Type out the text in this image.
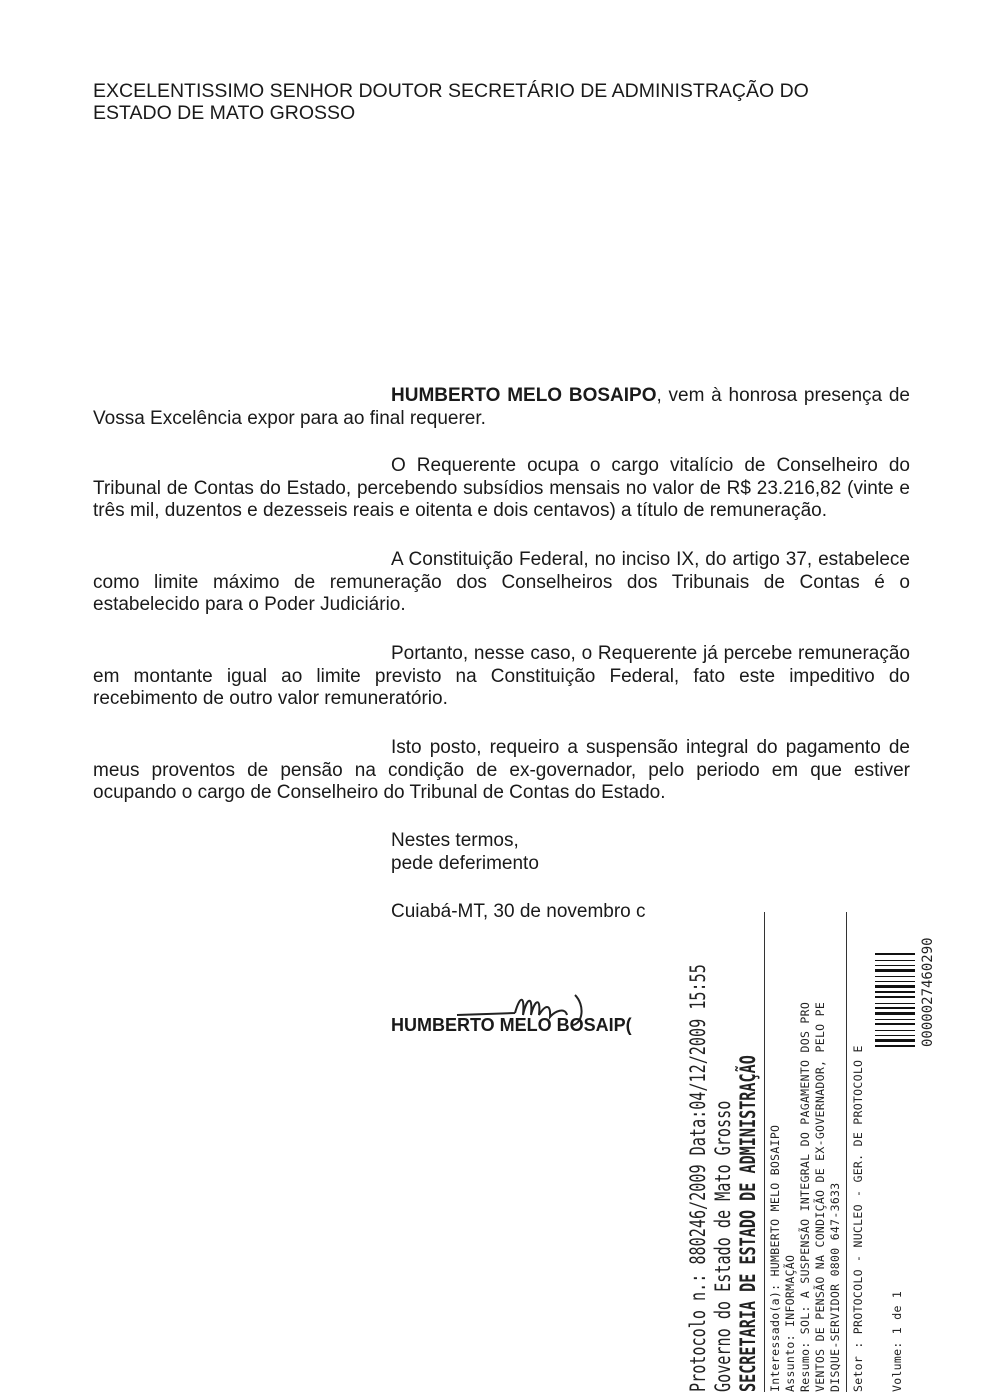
EXCELENTISSIMO SENHOR DOUTOR SECRETÁRIO DE ADMINISTRAÇÃO DO
ESTADO DE MATO GROSSO
HUMBERTO MELO BOSAIPO, vem à honrosa presença de Vossa Excelência expor para ao final requerer.
O Requerente ocupa o cargo vitalício de Conselheiro do Tribunal de Contas do Estado, percebendo subsídios mensais no valor de R$ 23.216,82 (vinte e três mil, duzentos e dezesseis reais e oitenta e dois centavos) a título de remuneração.
A Constituição Federal, no inciso IX, do artigo 37, estabelece como limite máximo de remuneração dos Conselheiros dos Tribunais de Contas é o estabelecido para o Poder Judiciário.
Portanto, nesse caso, o Requerente já percebe remuneração em montante igual ao limite previsto na Constituição Federal, fato este impeditivo do recebimento de outro valor remuneratório.
Isto posto, requeiro a suspensão integral do pagamento de meus proventos de pensão na condição de ex-governador, pelo periodo em que estiver ocupando o cargo de Conselheiro do Tribunal de Contas do Estado.
Nestes termos,
pede deferimento
Cuiabá-MT, 30 de novembro c
HUMBERTO MELO BOSAIP(	Protocolo n.: 880246/2009 Data:04/12/2009 15:55 Governo do Estado de Mato Grosso SECRETARIA DE ESTADO DE ADMINISTRAÇÃO Interessado(a): HUMBERTO MELO BOSAIPO Assunto: INFORMAÇÃO Resumo: SOL: A SUSPENSÃO INTEGRAL DO PAGAMENTO DOS PRO VENTOS DE PENSÃO NA CONDIÇÃO DE EX-GOVERNADOR, PELO PE DISQUE-SERVIDOR 0800 647-3633 Setor : PROTOCOLO - NUCLEO - GER. DE PROTOCOLO E Volume: 1 de 1
0000027460290
